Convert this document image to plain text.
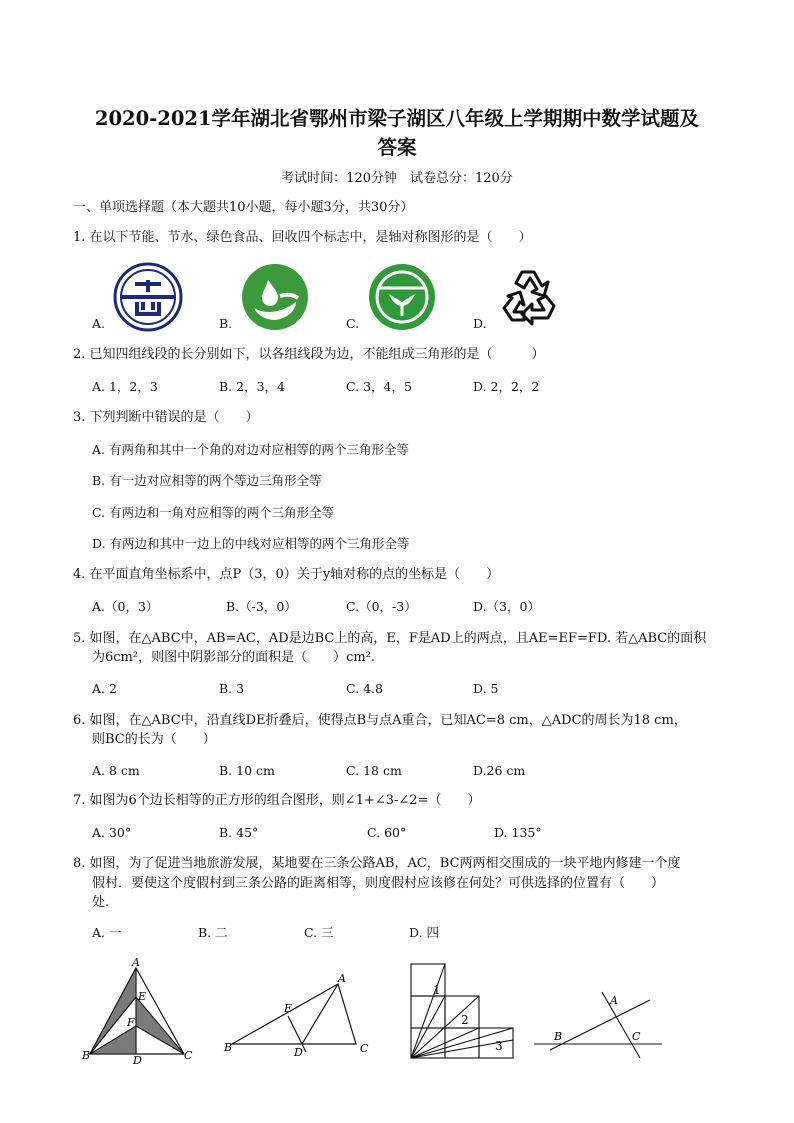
2020-2021学年湖北省鄂州市梁子湖区八年级上学期期中数学试题及
答案
考试时间：120分钟　试卷总分：120分
一、单项选择题（本大题共10小题，每小题3分，共30分）
1. 在以下节能、节水、绿色食品、回收四个标志中，是轴对称图形的是（　　）
A.	B.	C.	D.
2. 已知四组线段的长分别如下，以各组线段为边，不能组成三角形的是（　　　）
A. 1，2，3	B. 2，3，4	C. 3，4，5	D. 2，2，2
3. 下列判断中错误的是（　　）
A. 有两角和其中一个角的对边对应相等的两个三角形全等
B. 有一边对应相等的两个等边三角形全等
C. 有两边和一角对应相等的两个三角形全等
D. 有两边和其中一边上的中线对应相等的两个三角形全等
4. 在平面直角坐标系中，点P（3，0）关于y轴对称的点的坐标是（　　）
A.（0，3）	B.（-3，0）	C.（0，-3）	D.（3，0）
5. 如图，在△ABC中，AB=AC，AD是边BC上的高，E，F是AD上的两点，且AE=EF=FD. 若△ABC的面积
为6cm²，则图中阴影部分的面积是（　　）cm².
A. 2	B. 3	C. 4.8	D. 5
6. 如图，在△ABC中，沿直线DE折叠后，使得点B与点A重合，已知AC=8 cm，△ADC的周长为18 cm，
则BC的长为（　　）
A. 8 cm	B. 10 cm	C. 18 cm	D.26 cm
7. 如图为6个边长相等的正方形的组合图形，则∠1+∠3-∠2=（　　）
A. 30°	B. 45°	C. 60°	D. 135°
8. 如图，为了促进当地旅游发展，某地要在三条公路AB，AC，BC两两相交围成的一块平地内修建一个度
假村．要使这个度假村到三条公路的距离相等，则度假村应该修在何处？可供选择的位置有（　　）
处.
A. 一	B. 二	C. 三	D. 四
A
E
F
B	D	C
A
E
B	D	C
1
2
3
A
B	C
